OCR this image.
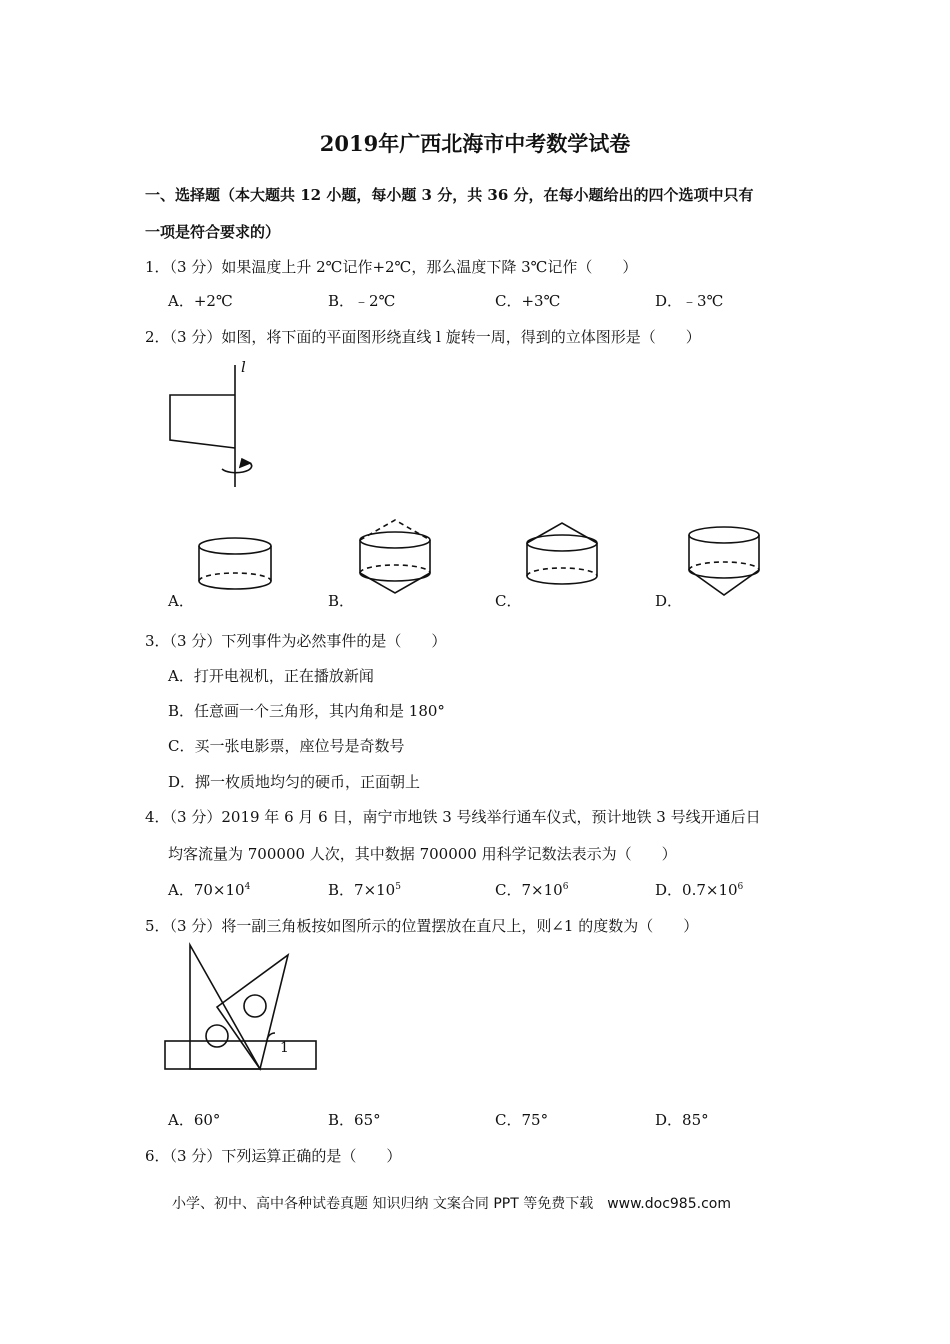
2019年广西北海市中考数学试卷
一、选择题（本大题共 12 小题，每小题 3 分，共 36 分，在每小题给出的四个选项中只有
一项是符合要求的）
1．（3 分）如果温度上升 2℃记作+2℃，那么温度下降 3℃记作（　　）
A．+2℃	B．﹣2℃	C．+3℃	D．﹣3℃
2．（3 分）如图，将下面的平面图形绕直线 l 旋转一周，得到的立体图形是（　　）
l
A．	B．	C．	D．
3．（3 分）下列事件为必然事件的是（　　）
A．打开电视机，正在播放新闻
B．任意画一个三角形，其内角和是 180°
C．买一张电影票，座位号是奇数号
D．掷一枚质地均匀的硬币，正面朝上
4．（3 分）2019 年 6 月 6 日，南宁市地铁 3 号线举行通车仪式，预计地铁 3 号线开通后日
均客流量为 700000 人次，其中数据 700000 用科学记数法表示为（　　）
A．$70\times 10^4$	B．$7\times 10^5$	C．$7\times 10^6$	D．$0.7\times 10^6$
5．（3 分）将一副三角板按如图所示的位置摆放在直尺上，则∠1 的度数为（　　）
1
A．60°	B．65°	C．75°	D．85°
6．（3 分）下列运算正确的是（　　）
小学、初中、高中各种试卷真题 知识归纳 文案合同 PPT 等免费下载　www.doc985.com
